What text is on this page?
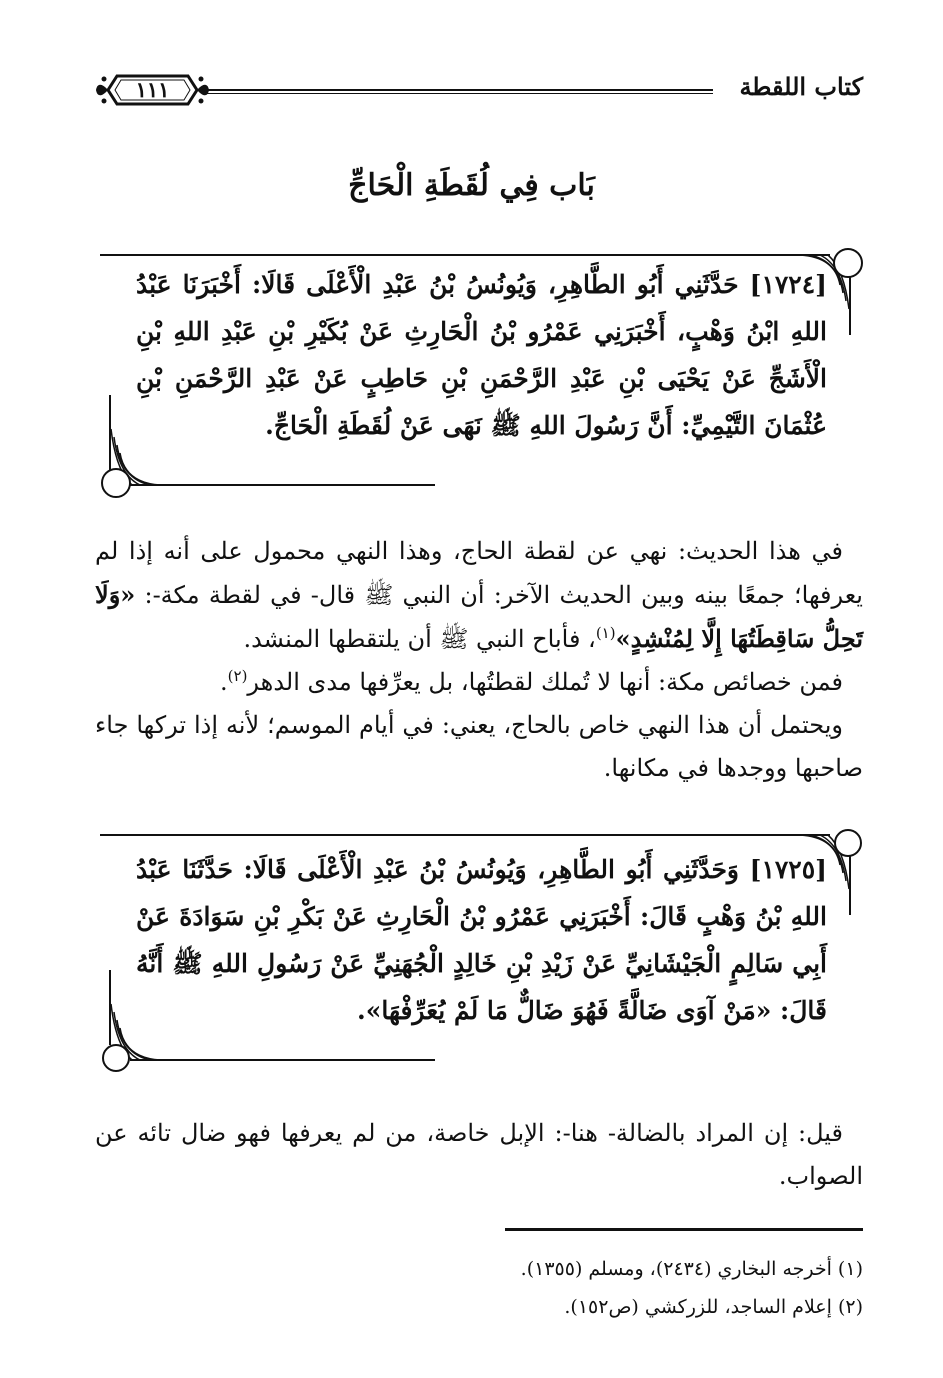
كتاب اللقطة
١١١
بَاب فِي لُقَطَةِ الْحَاجِّ
[١٧٢٤] حَدَّثَنِي أَبُو الطَّاهِرِ، وَيُونُسُ بْنُ عَبْدِ الْأَعْلَى قَالَا: أَخْبَرَنَا عَبْدُ اللهِ ابْنُ وَهْبٍ، أَخْبَرَنِي عَمْرُو بْنُ الْحَارِثِ عَنْ بُكَيْرِ بْنِ عَبْدِ اللهِ بْنِ الْأَشَجِّ عَنْ يَحْيَى بْنِ عَبْدِ الرَّحْمَنِ بْنِ حَاطِبٍ عَنْ عَبْدِ الرَّحْمَنِ بْنِ عُثْمَانَ التَّيْمِيِّ: أَنَّ رَسُولَ اللهِ ﷺ نَهَى عَنْ لُقَطَةِ الْحَاجِّ.

في هذا الحديث: نهي عن لقطة الحاج، وهذا النهي محمول على أنه إذا لم يعرفها؛ جمعًا بينه وبين الحديث الآخر: أن النبي ﷺ قال- في لقطة مكة-: «وَلَا تَحِلُّ سَاقِطَتُهَا إِلَّا لِمُنْشِدٍ»$^{(١)}$، فأباح النبي ﷺ أن يلتقطها المنشد.

فمن خصائص مكة: أنها لا تُملك لقطتُها، بل يعرِّفها مدى الدهر$^{(٢)}$.

ويحتمل أن هذا النهي خاص بالحاج، يعني: في أيام الموسم؛ لأنه إذا تركها جاء صاحبها ووجدها في مكانها.

[١٧٢٥] وَحَدَّثَنِي أَبُو الطَّاهِرِ، وَيُونُسُ بْنُ عَبْدِ الْأَعْلَى قَالَا: حَدَّثَنَا عَبْدُ اللهِ بْنُ وَهْبٍ قَالَ: أَخْبَرَنِي عَمْرُو بْنُ الْحَارِثِ عَنْ بَكْرِ بْنِ سَوَادَةَ عَنْ أَبِي سَالِمٍ الْجَيْشَانِيِّ عَنْ زَيْدِ بْنِ خَالِدٍ الْجُهَنِيِّ عَنْ رَسُولِ اللهِ ﷺ أَنَّهُ قَالَ: «مَنْ آوَى ضَالَّةً فَهُوَ ضَالٌّ مَا لَمْ يُعَرِّفْهَا».

قيل: إن المراد بالضالة- هنا-: الإبل خاصة، من لم يعرفها فهو ضال تائه عن الصواب.

(١) أخرجه البخاري (٢٤٣٤)، ومسلم (١٣٥٥).

(٢) إعلام الساجد، للزركشي (ص١٥٢).
